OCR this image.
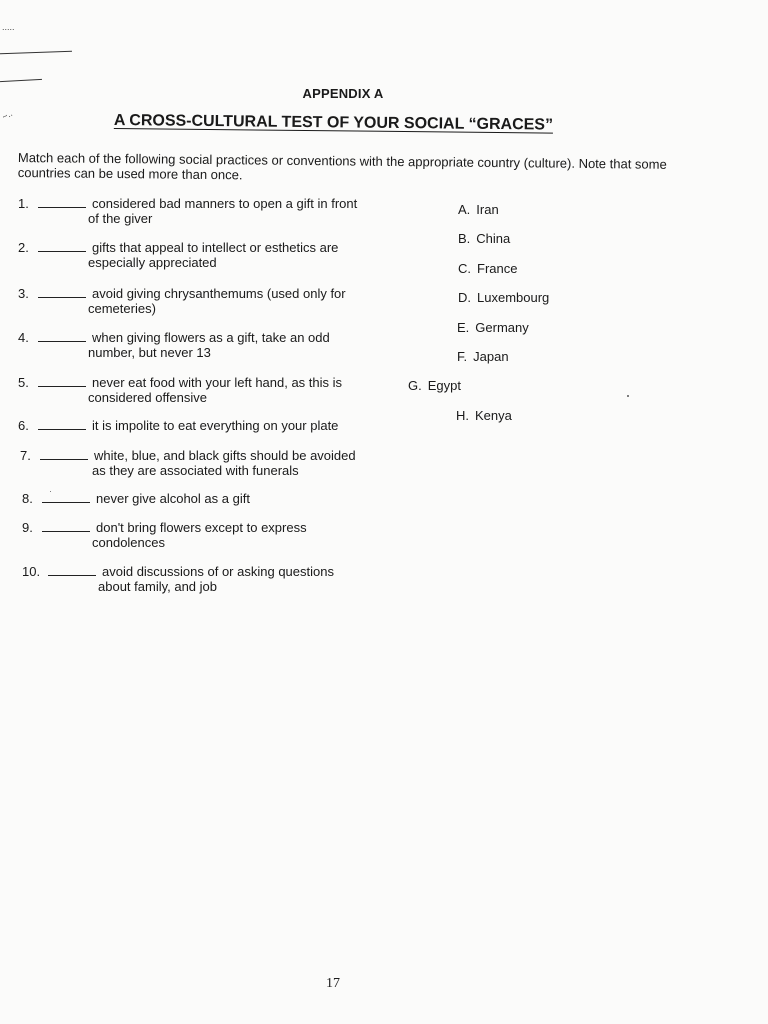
.....
~..
APPENDIX A
A CROSS-CULTURAL TEST OF YOUR SOCIAL “GRACES”
Match each of the following social practices or conventions with the appropriate country (culture). Note that some countries can be used more than once.
1.	considered bad manners to open a gift in front
of the giver
2.	gifts that appeal to intellect or esthetics are
especially appreciated
3.	avoid giving chrysanthemums (used only for
cemeteries)
4.	when giving flowers as a gift, take an odd
number, but never 13
5.	never eat food with your left hand, as this is
considered offensive
6.	it is impolite to eat everything on your plate
7.	white, blue, and black gifts should be avoided
as they are associated with funerals
8.	never give alcohol as a gift
9.	don't bring flowers except to express
condolences
10.	avoid discussions of or asking questions
about family, and job
A. Iran
B. China
C. France
D. Luxembourg
E. Germany
F. Japan
G. Egypt
H. Kenya
17
